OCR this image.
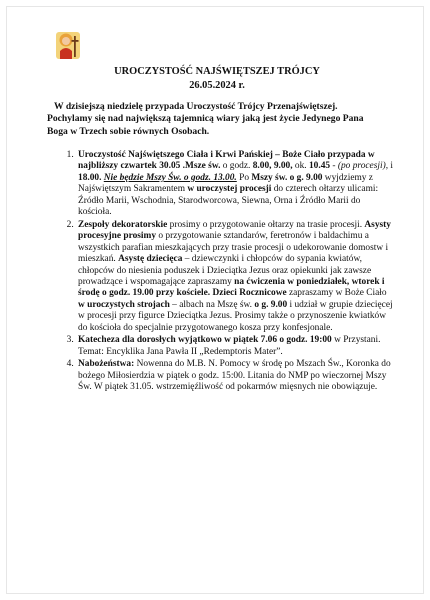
UROCZYSTOŚĆ NAJŚWIĘTSZEJ TRÓJCY
26.05.2024 r.
W dzisiejszą niedzielę przypada Uroczystość Trójcy Przenajświętszej. Pochylamy się nad największą tajemnicą wiary jaką jest życie Jedynego Pana Boga w Trzech sobie równych Osobach.
1. Uroczystość Najświętszego Ciała i Krwi Pańskiej – Boże Ciało przypada w najbliższy czwartek 30.05 .Msze św. o godz. 8.00, 9.00, ok. 10.45 - (po procesji), i 18.00. Nie będzie Mszy Św. o godz. 13.00. Po Mszy św. o g. 9.00 wyjdziemy z Najświętszym Sakramentem w uroczystej procesji do czterech ołtarzy ulicami: Źródło Marii, Wschodnia, Starodworcowa, Siewna, Orna i Źródło Marii do kościoła.
2. Zespoły dekoratorskie prosimy o przygotowanie ołtarzy na trasie procesji. Asysty procesyjne prosimy o przygotowanie sztandarów, feretronów i baldachimu a wszystkich parafian mieszkających przy trasie procesji o udekorowanie domostw i mieszkań. Asystę dziecięca – dziewczynki i chłopców do sypania kwiatów, chłopców do niesienia poduszek i Dzieciątka Jezus oraz opiekunki jak zawsze prowadzące i wspomagające zapraszamy na ćwiczenia w poniedziałek, wtorek i środę o godz. 19.00 przy kościele. Dzieci Rocznicowe zapraszamy w Boże Ciało w uroczystych strojach – albach na Mszę św. o g. 9.00 i udział w grupie dziecięcej w procesji przy figurce Dzieciątka Jezus. Prosimy także o przynoszenie kwiatków do kościoła do specjalnie przygotowanego kosza przy konfesjonale.
3. Katecheza dla dorosłych wyjątkowo w piątek 7.06 o godz. 19:00 w Przystani. Temat: Encyklika Jana Pawła II „Redemptoris Mater”.
4. Nabożeństwa: Nowenna do M.B. N. Pomocy w środę po Mszach Św., Koronka do bożego Miłosierdzia w piątek o godz. 15:00. Litania do NMP po wieczornej Mszy Św. W piątek 31.05. wstrzemięźliwość od pokarmów mięsnych nie obowiązuje.
